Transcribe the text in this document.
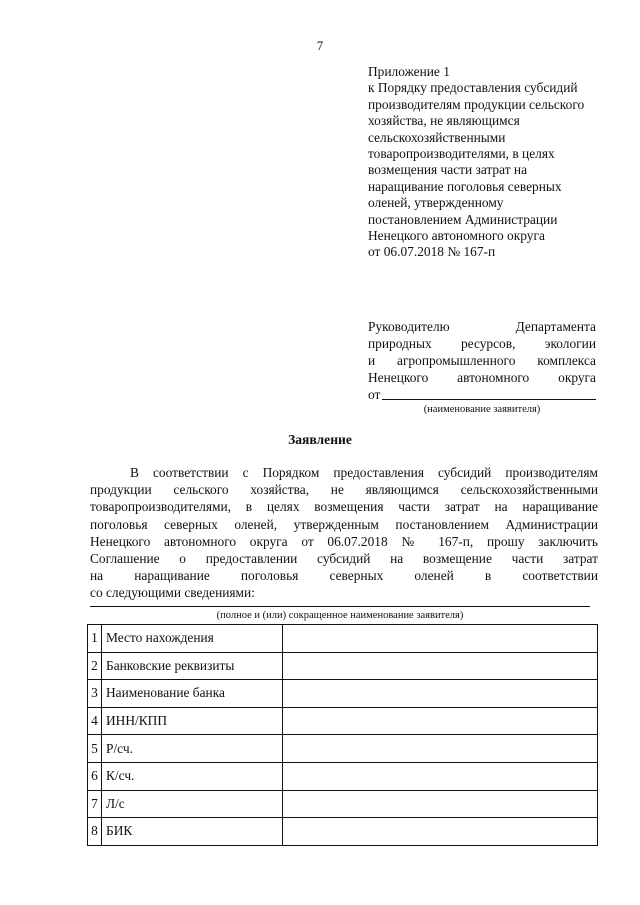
7
Приложение 1
к Порядку предоставления субсидий
производителям продукции сельского
хозяйства, не являющимся
сельскохозяйственными
товаропроизводителями, в целях
возмещения части затрат на
наращивание поголовья северных
оленей, утвержденному
постановлением Администрации
Ненецкого автономного округа
от 06.07.2018 № 167-п
Руководителю Департамента
природных ресурсов, экологии
и агропромышленного комплекса
Ненецкого автономного округа
от
(наименование заявителя)
Заявление
В соответствии с Порядком предоставления субсидий производителям
продукции сельского хозяйства, не являющимся сельскохозяйственными
товаропроизводителями, в целях возмещения части затрат на наращивание
поголовья северных оленей, утвержденным постановлением Администрации
Ненецкого автономного округа от 06.07.2018 № 167-п, прошу заключить
Соглашение о предоставлении субсидий на возмещение части затрат
на наращивание поголовья северных оленей в соответствии
со следующими сведениями:
(полное и (или) сокращенное наименование заявителя)
1	Место нахождения	
2	Банковские реквизиты	
3	Наименование банка	
4	ИНН/КПП	
5	Р/сч.	
6	К/сч.	
7	Л/с	
8	БИК	
